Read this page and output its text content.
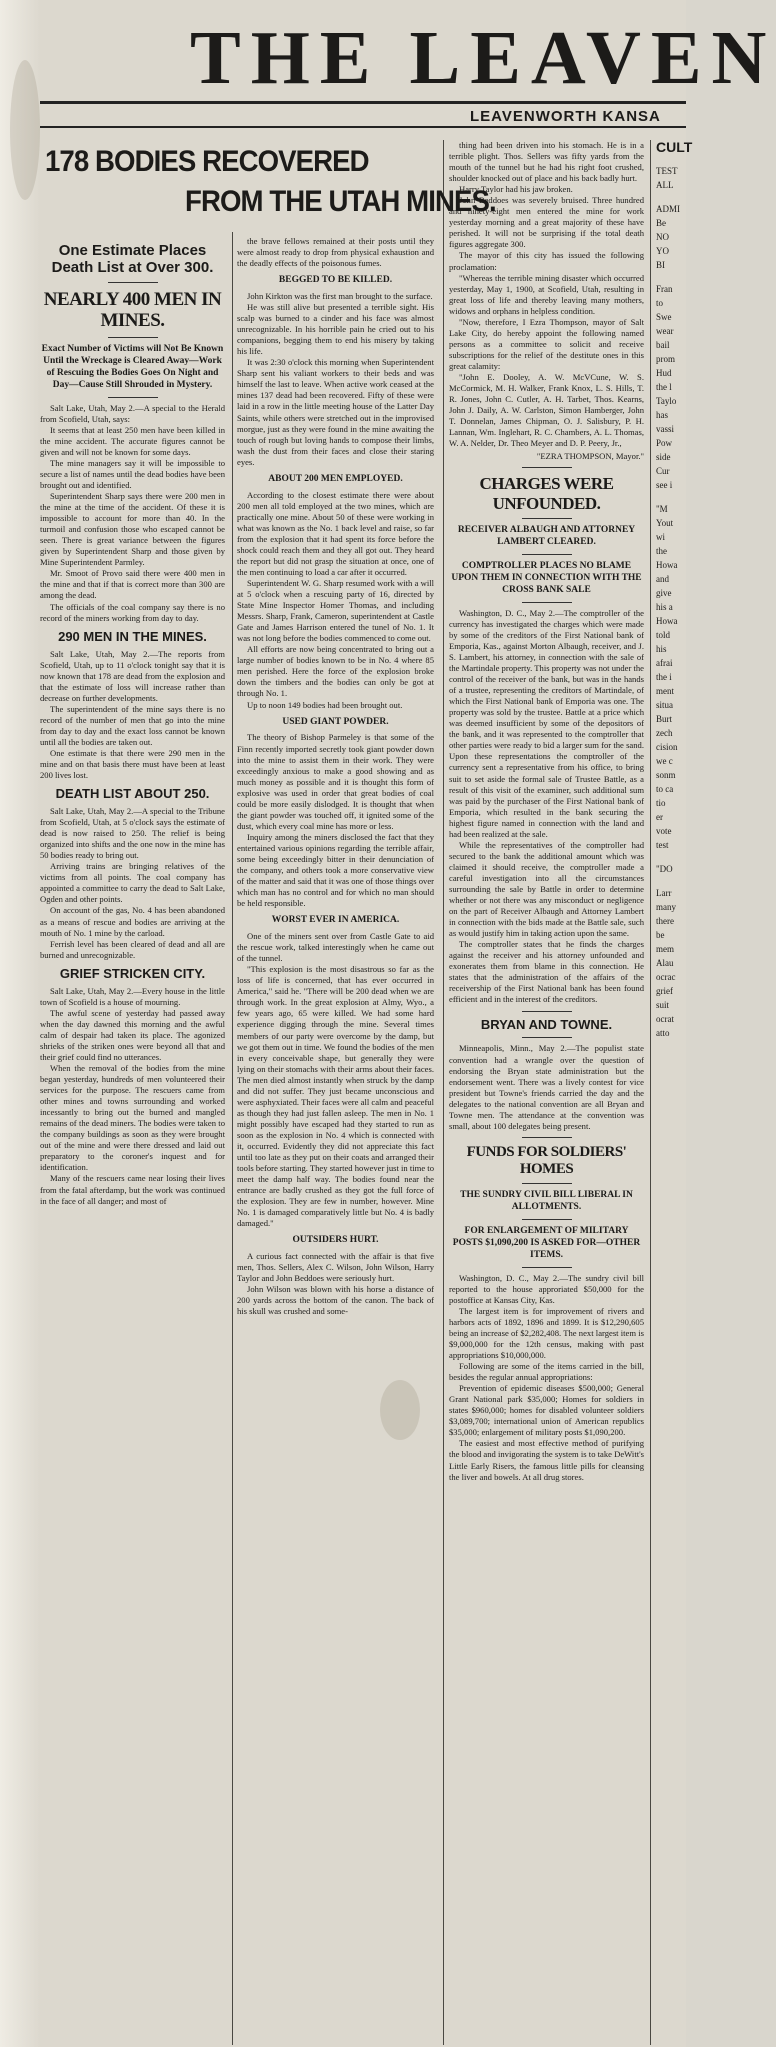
THE LEAVEN
LEAVENWORTH KANSA
178 BODIES RECOVERED
FROM THE UTAH MINES.
One Estimate Places Death List at Over 300.
NEARLY 400 MEN IN MINES.
Exact Number of Victims will Not Be Known Until the Wreckage is Cleared Away—Work of Rescuing the Bodies Goes On Night and Day—Cause Still Shrouded in Mystery.

Salt Lake, Utah, May 2.—A special to the Herald from Scofield, Utah, says:

It seems that at least 250 men have been killed in the mine accident. The accurate figures cannot be given and will not be known for some days.

The mine managers say it will be impossible to secure a list of names until the dead bodies have been brought out and identified.

Superintendent Sharp says there were 200 men in the mine at the time of the accident. Of these it is impossible to account for more than 40. In the turmoil and confusion those who escaped cannot be seen. There is great variance between the figures given by Superintendent Sharp and those given by Mine Superintendent Parmley.

Mr. Smoot of Provo said there were 400 men in the mine and that if that is correct more than 300 are among the dead.

The officials of the coal company say there is no record of the miners working from day to day.

290 MEN IN THE MINES.

Salt Lake, Utah, May 2.—The reports from Scofield, Utah, up to 11 o'clock tonight say that it is now known that 178 are dead from the explosion and that the estimate of loss will increase rather than decrease on further developments.

The superintendent of the mine says there is no record of the number of men that go into the mine from day to day and the exact loss cannot be known until all the bodies are taken out.

One estimate is that there were 290 men in the mine and on that basis there must have been at least 200 lives lost.

DEATH LIST ABOUT 250.

Salt Lake, Utah, May 2.—A special to the Tribune from Scofield, Utah, at 5 o'clock says the estimate of dead is now raised to 250. The relief is being organized into shifts and the one now in the mine has 50 bodies ready to bring out.

Arriving trains are bringing relatives of the victims from all points. The coal company has appointed a committee to carry the dead to Salt Lake, Ogden and other points.

On account of the gas, No. 4 has been abandoned as a means of rescue and bodies are arriving at the mouth of No. 1 mine by the carload.

Ferrish level has been cleared of dead and all are burned and unrecognizable.

GRIEF STRICKEN CITY.

Salt Lake, Utah, May 2.—Every house in the little town of Scofield is a house of mourning.

The awful scene of yesterday had passed away when the day dawned this morning and the awful calm of despair had taken its place. The agonized shrieks of the striken ones were beyond all that and their grief could find no utterances.

When the removal of the bodies from the mine began yesterday, hundreds of men volunteered their services for the purpose. The rescuers came from other mines and towns surrounding and worked incessantly to bring out the burned and mangled remains of the dead miners. The bodies were taken to the company buildings as soon as they were brought out of the mine and were there dressed and laid out preparatory to the coroner's inquest and for identification.

Many of the rescuers came near losing their lives from the fatal afterdamp, but the work was continued in the face of all danger; and most of

the brave fellows remained at their posts until they were almost ready to drop from physical exhaustion and the deadly effects of the poisonous fumes.

BEGGED TO BE KILLED.

John Kirkton was the first man brought to the surface.

He was still alive but presented a terrible sight. His scalp was burned to a cinder and his face was almost unrecognizable. In his horrible pain he cried out to his companions, begging them to end his misery by taking his life.

It was 2:30 o'clock this morning when Superintendent Sharp sent his valiant workers to their beds and was himself the last to leave. When active work ceased at the mines 137 dead had been recovered. Fifty of these were laid in a row in the little meeting house of the Latter Day Saints, while others were stretched out in the improvised morgue, just as they were found in the mine awaiting the touch of rough but loving hands to compose their limbs, wash the dust from their faces and close their staring eyes.

ABOUT 200 MEN EMPLOYED.

According to the closest estimate there were about 200 men all told employed at the two mines, which are practically one mine. About 50 of these were working in what was known as the No. 1 back level and raise, so far from the explosion that it had spent its force before the shock could reach them and they all got out. They heard the report but did not grasp the situation at once, one of the men continuing to load a car after it occurred.

Superintendent W. G. Sharp resumed work with a will at 5 o'clock when a rescuing party of 16, directed by State Mine Inspector Homer Thomas, and including Messrs. Sharp, Frank, Cameron, superintendent at Castle Gate and James Harrison entered the tunel of No. 1. It was not long before the bodies commenced to come out.

All efforts are now being concentrated to bring out a large number of bodies known to be in No. 4 where 85 men perished. Here the force of the explosion broke down the timbers and the bodies can only be got at through No. 1.

Up to noon 149 bodies had been brought out.

USED GIANT POWDER.

The theory of Bishop Parmeley is that some of the Finn recently imported secretly took giant powder down into the mine to assist them in their work. They were exceedingly anxious to make a good showing and as much money as possible and it is thought this form of explosive was used in order that great bodies of coal could be more easily dislodged. It is thought that when the giant powder was touched off, it ignited some of the dust, which every coal mine has more or less.

Inquiry among the miners disclosed the fact that they entertained various opinions regarding the terrible affair, some being exceedingly bitter in their denunciation of the company, and others took a more conservative view of the matter and said that it was one of those things over which man has no control and for which no man should be held responsible.

WORST EVER IN AMERICA.

One of the miners sent over from Castle Gate to aid the rescue work, talked interestingly when he came out of the tunnel.

"This explosion is the most disastrous so far as the loss of life is concerned, that has ever occurred in America," said he. "There will be 200 dead when we are through work. In the great explosion at Almy, Wyo., a few years ago, 65 were killed. We had some hard experience digging through the mine. Several times members of our party were overcome by the damp, but we got them out in time. We found the bodies of the men in every conceivable shape, but generally they were lying on their stomachs with their arms about their faces. The men died almost instantly when struck by the damp and did not suffer. They just became unconscious and were asphyxiated. Their faces were all calm and peaceful as though they had just fallen asleep. The men in No. 1 might possibly have escaped had they started to run as soon as the explosion in No. 4 which is connected with it, occurred. Evidently they did not appreciate this fact until too late as they put on their coats and arranged their tools before starting. They started however just in time to meet the damp half way. The bodies found near the entrance are badly crushed as they got the full force of the explosion. They are few in number, however. Mine No. 1 is damaged comparatively little but No. 4 is badly damaged."

OUTSIDERS HURT.

A curious fact connected with the affair is that five men, Thos. Sellers, Alex C. Wilson, John Wilson, Harry Taylor and John Beddoes were seriously hurt.

John Wilson was blown with his horse a distance of 200 yards across the bottom of the canon. The back of his skull was crushed and some-

thing had been driven into his stomach. He is in a terrible plight. Thos. Sellers was fifty yards from the mouth of the tunnel but he had his right foot crushed, shoulder knocked out of place and his back badly hurt.

Harry Taylor had his jaw broken.

John Beddoes was severely bruised. Three hundred and ninety-eight men entered the mine for work yesterday morning and a great majority of these have perished. It will not be surprising if the total death figures aggregate 300.

The mayor of this city has issued the following proclamation:

"Whereas the terrible mining disaster which occurred yesterday, May 1, 1900, at Scofield, Utah, resulting in great loss of life and thereby leaving many mothers, widows and orphans in helpless condition.

"Now, therefore, I Ezra Thompson, mayor of Salt Lake City, do hereby appoint the following named persons as a committee to solicit and receive subscriptions for the relief of the destitute ones in this great calamity:

"John E. Dooley, A. W. McVCune, W. S. McCormick, M. H. Walker, Frank Knox, L. S. Hills, T. R. Jones, John C. Cutler, A. H. Tarbet, Thos. Kearns, John J. Daily, A. W. Carlston, Simon Hamberger, John T. Donnelan, James Chipman, O. J. Salisbury, P. H. Lannan, Wm. Inglehart, R. C. Chambers, A. L. Thomas, W. A. Nelder, Dr. Theo Meyer and D. P. Peery, Jr.,

"EZRA THOMPSON, Mayor."
CHARGES WERE UNFOUNDED.
RECEIVER ALBAUGH AND ATTORNEY LAMBERT CLEARED.
COMPTROLLER PLACES NO BLAME UPON THEM IN CONNECTION WITH THE CROSS BANK SALE

Washington, D. C., May 2.—The comptroller of the currency has investigated the charges which were made by some of the creditors of the First National bank of Emporia, Kas., against Morton Albaugh, receiver, and J. S. Lambert, his attorney, in connection with the sale of the Martindale property. This property was not under the control of the receiver of the bank, but was in the hands of a trustee, representing the creditors of Martindale, of which the First National bank of Emporia was one. The property was sold by the trustee. Battle at a price which was deemed insufficient by some of the depositors of the bank, and it was represented to the comptroller that other parties were ready to bid a larger sum for the sand. Upon these representations the comptroller of the currency sent a representative from his office, to bring suit to set aside the formal sale of Trustee Battle, as a result of this visit of the examiner, such additional sum was paid by the purchaser of the First National bank of Emporia, which resulted in the bank securing the highest figure named in connection with the land and had been realized at the sale.

While the representatives of the comptroller had secured to the bank the additional amount which was claimed it should receive, the comptroller made a careful investigation into all the circumstances surrounding the sale by Battle in order to determine whether or not there was any misconduct or negligence on the part of Receiver Albaugh and Attorney Lambert in connection with the bids made at the Battle sale, such as would justify him in taking action upon the same.

The comptroller states that he finds the charges against the receiver and his attorney unfounded and exonerates them from blame in this connection. He states that the administration of the affairs of the receivership of the First National bank has been found efficient and in the interest of the creditors.

BRYAN AND TOWNE.

Minneapolis, Minn., May 2.—The populist state convention had a wrangle over the question of endorsing the Bryan state administration but the endorsement went. There was a lively contest for vice president but Towne's friends carried the day and the delegates to the national convention are all Bryan and Towne men. The attendance at the convention was small, about 100 delegates being present.

FUNDS FOR SOLDIERS' HOMES
THE SUNDRY CIVIL BILL LIBERAL IN ALLOTMENTS.
FOR ENLARGEMENT OF MILITARY POSTS $1,090,200 IS ASKED FOR—OTHER ITEMS.

Washington, D. C., May 2.—The sundry civil bill reported to the house approriated $50,000 for the postoffice at Kansas City, Kas.

The largest item is for improvement of rivers and harbors acts of 1892, 1896 and 1899. It is $12,290,605 being an increase of $2,282,408. The next largest item is $9,000,000 for the 12th census, making with past appropriations $10,000,000.

Following are some of the items carried in the bill, besides the regular annual appropriations:

Prevention of epidemic diseases $500,000; General Grant National park $35,000; Homes for soldiers in states $960,000; homes for disabled volunteer soldiers $3,089,700; international union of American republics $35,000; enlargement of military posts $1,090,200.

The easiest and most effective method of purifying the blood and invigorating the system is to take DeWitt's Little Early Risers, the famous little pills for cleansing the liver and bowels. At all drug stores.

CULT
TEST
ALL
ADMI
Be
NO
YO
BI
Fran
to
Swe
wear
bail
prom
Hud
the l
Taylo
has
vassi
Pow
side
Cur
see i
"M
Yout
wi
the
Howa
and
give
his a
Howa
told
his
afrai
the i
ment
situa
Burt
zech
cision
we c
sonm
to ca
tio
er
vote
test
"DO
Larr
many
there
be
mem
Alau
ocrac
grief
suit
ocrat
atto
